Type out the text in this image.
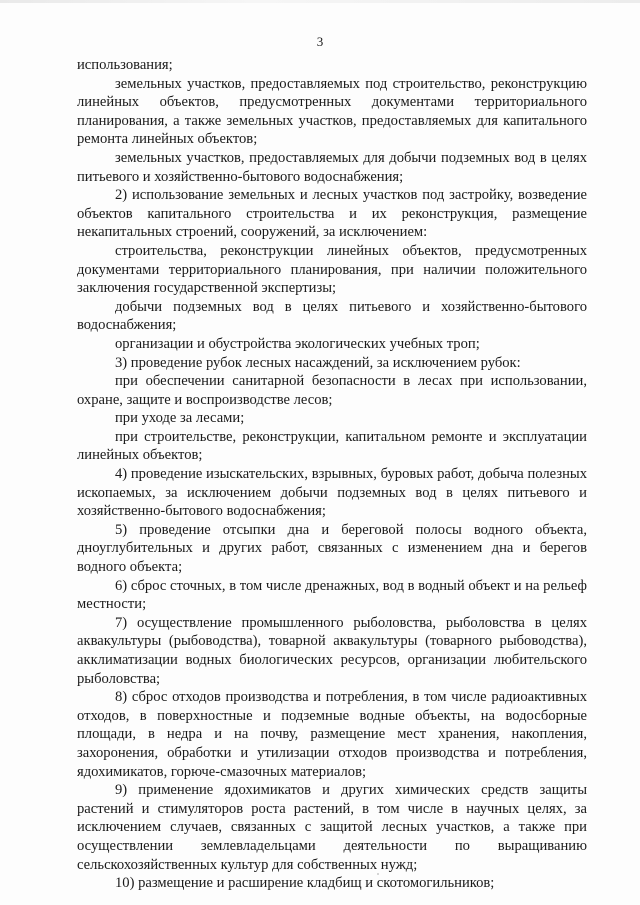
3

использования;

земельных участков, предоставляемых под строительство, реконструкцию линейных объектов, предусмотренных документами территориального планирования, а также земельных участков, предоставляемых для капитального ремонта линейных объектов;

земельных участков, предоставляемых для добычи подземных вод в целях питьевого и хозяйственно-бытового водоснабжения;

2) использование земельных и лесных участков под застройку, возведение объектов капитального строительства и их реконструкция, размещение некапитальных строений, сооружений, за исключением:

строительства, реконструкции линейных объектов, предусмотренных документами территориального планирования, при наличии положительного заключения государственной экспертизы;

добычи подземных вод в целях питьевого и хозяйственно-бытового водоснабжения;

организации и обустройства экологических учебных троп;

3) проведение рубок лесных насаждений, за исключением рубок:

при обеспечении санитарной безопасности в лесах при использовании, охране, защите и воспроизводстве лесов;

при уходе за лесами;

при строительстве, реконструкции, капитальном ремонте и эксплуатации линейных объектов;

4) проведение изыскательских, взрывных, буровых работ, добыча полезных ископаемых, за исключением добычи подземных вод в целях питьевого и хозяйственно-бытового водоснабжения;

5) проведение отсыпки дна и береговой полосы водного объекта, дноуглубительных и других работ, связанных с изменением дна и берегов водного объекта;

6) сброс сточных, в том числе дренажных, вод в водный объект и на рельеф местности;

7) осуществление промышленного рыболовства, рыболовства в целях аквакультуры (рыбоводства), товарной аквакультуры (товарного рыбоводства), акклиматизации водных биологических ресурсов, организации любительского рыболовства;

8) сброс отходов производства и потребления, в том числе радиоактивных отходов, в поверхностные и подземные водные объекты, на водосборные площади, в недра и на почву, размещение мест хранения, накопления, захоронения, обработки и утилизации отходов производства и потребления, ядохимикатов, горюче-смазочных материалов;

9) применение ядохимикатов и других химических средств защиты растений и стимуляторов роста растений, в том числе в научных целях, за исключением случаев, связанных с защитой лесных участков, а также при осуществлении землевладельцами деятельности по выращиванию сельскохозяйственных культур для собственных нужд;

10) размещение и расширение кладбищ и скотомогильников;
